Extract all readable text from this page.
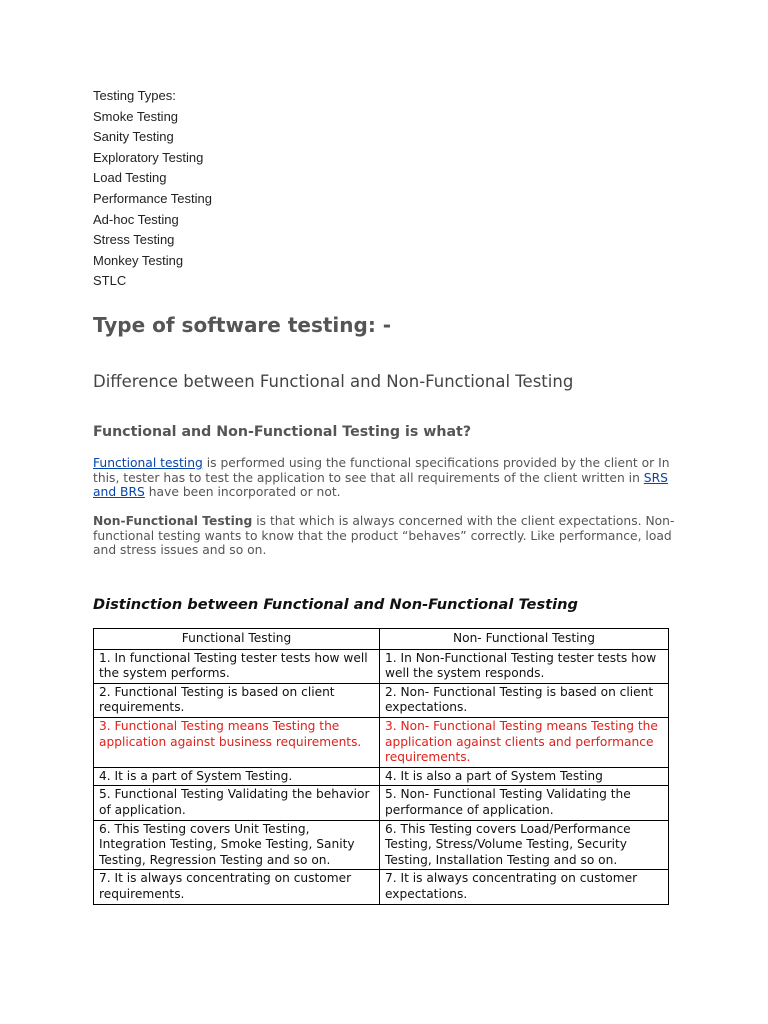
Testing Types:
Smoke Testing
Sanity Testing
Exploratory Testing
Load Testing
Performance Testing
Ad-hoc Testing
Stress Testing
Monkey Testing
STLC
Type of software testing: -
Difference between Functional and Non-Functional Testing
Functional and Non-Functional Testing is what?

Functional testing is performed using the functional specifications provided by the client or In this, tester has to test the application to see that all requirements of the client written in SRS and BRS have been incorporated or not.

Non-Functional Testing is that which is always concerned with the client expectations. Non-functional testing wants to know that the product “behaves” correctly. Like performance, load and stress issues and so on.

Distinction between Functional and Non-Functional Testing
Functional Testing	Non- Functional Testing
1. In functional Testing tester tests how well the system performs.	1. In Non-Functional Testing tester tests how well the system responds.
2. Functional Testing is based on client requirements.	2. Non- Functional Testing is based on client expectations.
3. Functional Testing means Testing the application against business requirements.	3. Non- Functional Testing means Testing the application against clients and performance requirements.
4. It is a part of System Testing.	4. It is also a part of System Testing
5. Functional Testing Validating the behavior of application.	5. Non- Functional Testing Validating the performance of application.
6. This Testing covers Unit Testing, Integration Testing, Smoke Testing, Sanity Testing, Regression Testing and so on.	6. This Testing covers Load/Performance Testing, Stress/Volume Testing, Security Testing, Installation Testing and so on.
7. It is always concentrating on customer requirements.	7. It is always concentrating on customer expectations.
